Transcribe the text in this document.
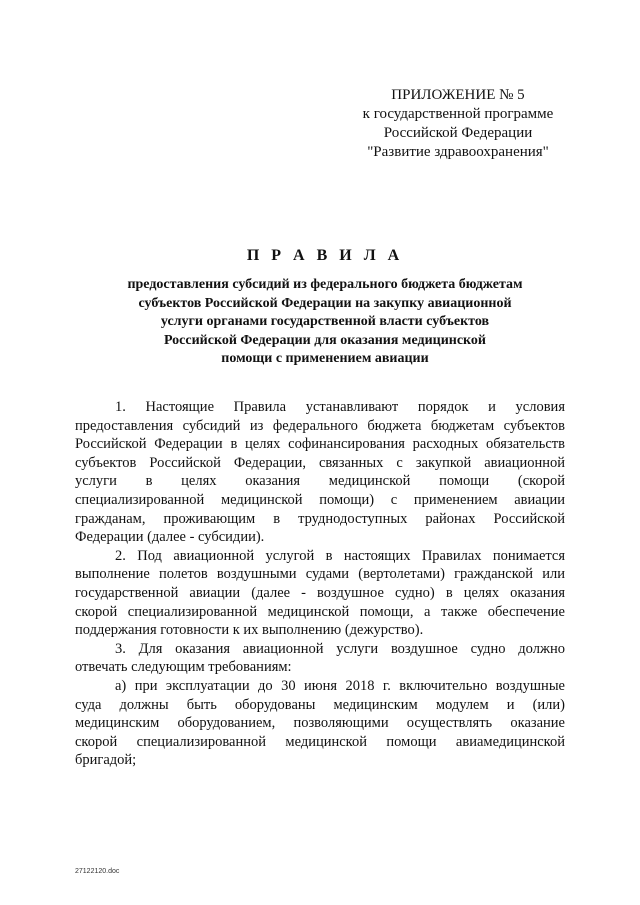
ПРИЛОЖЕНИЕ № 5
к государственной программе
Российской Федерации
"Развитие здравоохранения"
П Р А В И Л А
предоставления субсидий из федерального бюджета бюджетам
субъектов Российской Федерации на закупку авиационной
услуги органами государственной власти субъектов
Российской Федерации для оказания медицинской
помощи с применением авиации
1. Настоящие Правила устанавливают порядок и условия
предоставления субсидий из федерального бюджета бюджетам субъектов
Российской Федерации в целях софинансирования расходных обязательств
субъектов Российской Федерации, связанных с закупкой авиационной
услуги в целях оказания медицинской помощи (скорой
специализированной медицинской помощи) с применением авиации
гражданам, проживающим в труднодоступных районах Российской
Федерации (далее - субсидии).
2. Под авиационной услугой в настоящих Правилах понимается
выполнение полетов воздушными судами (вертолетами) гражданской или
государственной авиации (далее - воздушное судно) в целях оказания
скорой специализированной медицинской помощи, а также обеспечение
поддержания готовности к их выполнению (дежурство).
3. Для оказания авиационной услуги воздушное судно должно
отвечать следующим требованиям:
а) при эксплуатации до 30 июня 2018 г. включительно воздушные
суда должны быть оборудованы медицинским модулем и (или)
медицинским оборудованием, позволяющими осуществлять оказание
скорой специализированной медицинской помощи авиамедицинской
бригадой;
27122120.doc
